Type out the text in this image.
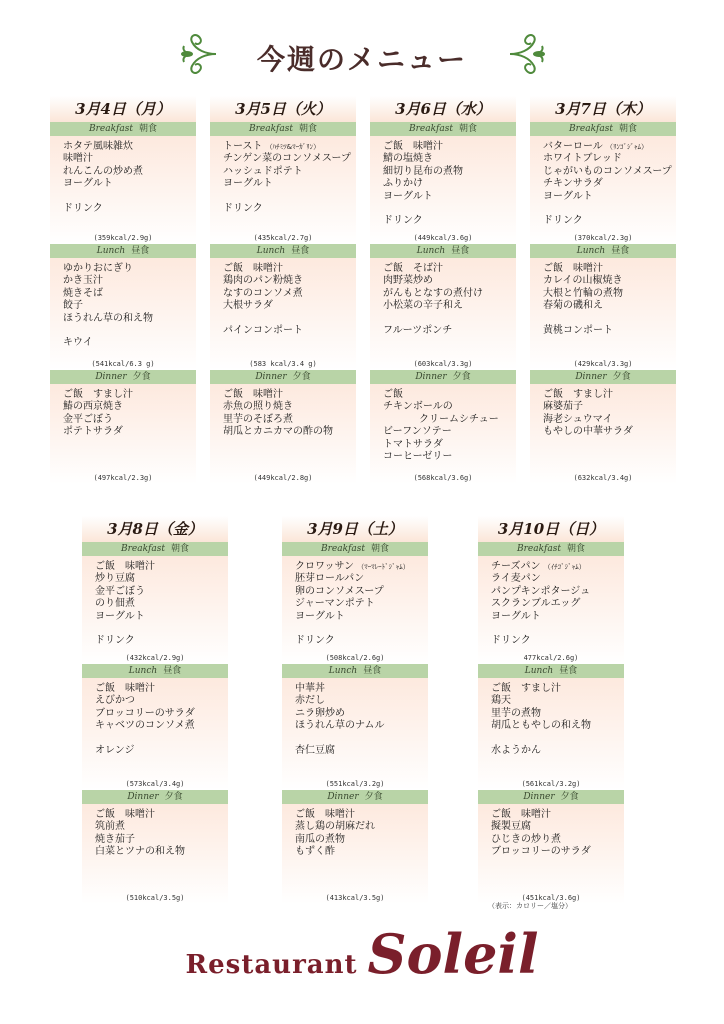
今週のメニュー
3月4日（月）
Breakfast 朝食
ホタテ風味雑炊
味噌汁
れんこんの炒め煮
ヨーグルト
ドリンク
(359kcal/2.9g)
Lunch 昼食
ゆかりおにぎり
かき玉汁
焼きそば
餃子
ほうれん草の和え物
キウイ
(541kcal/6.3 g)
Dinner 夕食
ご飯　すまし汁
鰆の西京焼き
金平ごぼう
ポテトサラダ
(497kcal/2.3g)
3月5日（火）
Breakfast 朝食
トースト （ﾊﾁﾐﾂ&ﾏｰｶﾞﾘﾝ）
チンゲン菜のコンソメスープ
ハッシュドポテト
ヨーグルト
ドリンク
(435kcal/2.7g)
Lunch 昼食
ご飯　味噌汁
鶏肉のパン粉焼き
なすのコンソメ煮
大根サラダ
パインコンポート
(583 kcal/3.4 g)
Dinner 夕食
ご飯　味噌汁
赤魚の照り焼き
里芋のそぼろ煮
胡瓜とカニカマの酢の物
(449kcal/2.8g)
3月6日（水）
Breakfast 朝食
ご飯　味噌汁
鯖の塩焼き
細切り昆布の煮物
ふりかけ
ヨーグルト
ドリンク
(449kcal/3.6g)
Lunch 昼食
ご飯　そば汁
肉野菜炒め
がんもとなすの煮付け
小松菜の辛子和え
フルーツポンチ
(603kcal/3.3g)
Dinner 夕食
ご飯
チキンボールの
クリームシチュー
ビーフンソテー
トマトサラダ
コーヒーゼリー
(568kcal/3.6g)
3月7日（木）
Breakfast 朝食
バターロール （ﾘﾝｺﾞｼﾞｬﾑ）
ホワイトブレッド
じゃがいものコンソメスープ
チキンサラダ
ヨーグルト
ドリンク
(370kcal/2.3g)
Lunch 昼食
ご飯　味噌汁
カレイの山椒焼き
大根と竹輪の煮物
春菊の磯和え
黄桃コンポート
(429kcal/3.3g)
Dinner 夕食
ご飯　すまし汁
麻婆茄子
海老シュウマイ
もやしの中華サラダ
(632kcal/3.4g)
3月8日（金）
Breakfast 朝食
ご飯　味噌汁
炒り豆腐
金平ごぼう
のり佃煮
ヨーグルト
ドリンク
(432kcal/2.9g)
Lunch 昼食
ご飯　味噌汁
えびかつ
ブロッコリーのサラダ
キャベツのコンソメ煮
オレンジ
(573kcal/3.4g)
Dinner 夕食
ご飯　味噌汁
筑前煮
焼き茄子
白菜とツナの和え物
(510kcal/3.5g)
3月9日（土）
Breakfast 朝食
クロワッサン （ﾏｰﾏﾚｰﾄﾞｼﾞｬﾑ）
胚芽ロールパン
卵のコンソメスープ
ジャーマンポテト
ヨーグルト
ドリンク
(508kcal/2.6g)
Lunch 昼食
中華丼
赤だし
ニラ卵炒め
ほうれん草のナムル
杏仁豆腐
(551kcal/3.2g)
Dinner 夕食
ご飯　味噌汁
蒸し鶏の胡麻だれ
南瓜の煮物
もずく酢
(413kcal/3.5g)
3月10日（日）
Breakfast 朝食
チーズパン （ｲﾁｺﾞｼﾞｬﾑ）
ライ麦パン
パンプキンポタージュ
スクランブルエッグ
ヨーグルト
ドリンク
477kcal/2.6g)
Lunch 昼食
ご飯　すまし汁
鶏天
里芋の煮物
胡瓜ともやしの和え物
水ようかん
(561kcal/3.2g)
Dinner 夕食
ご飯　味噌汁
擬製豆腐
ひじきの炒り煮
ブロッコリーのサラダ
(451kcal/3.6g)
（表示：カロリー／塩分）
Restaurant Soleil
